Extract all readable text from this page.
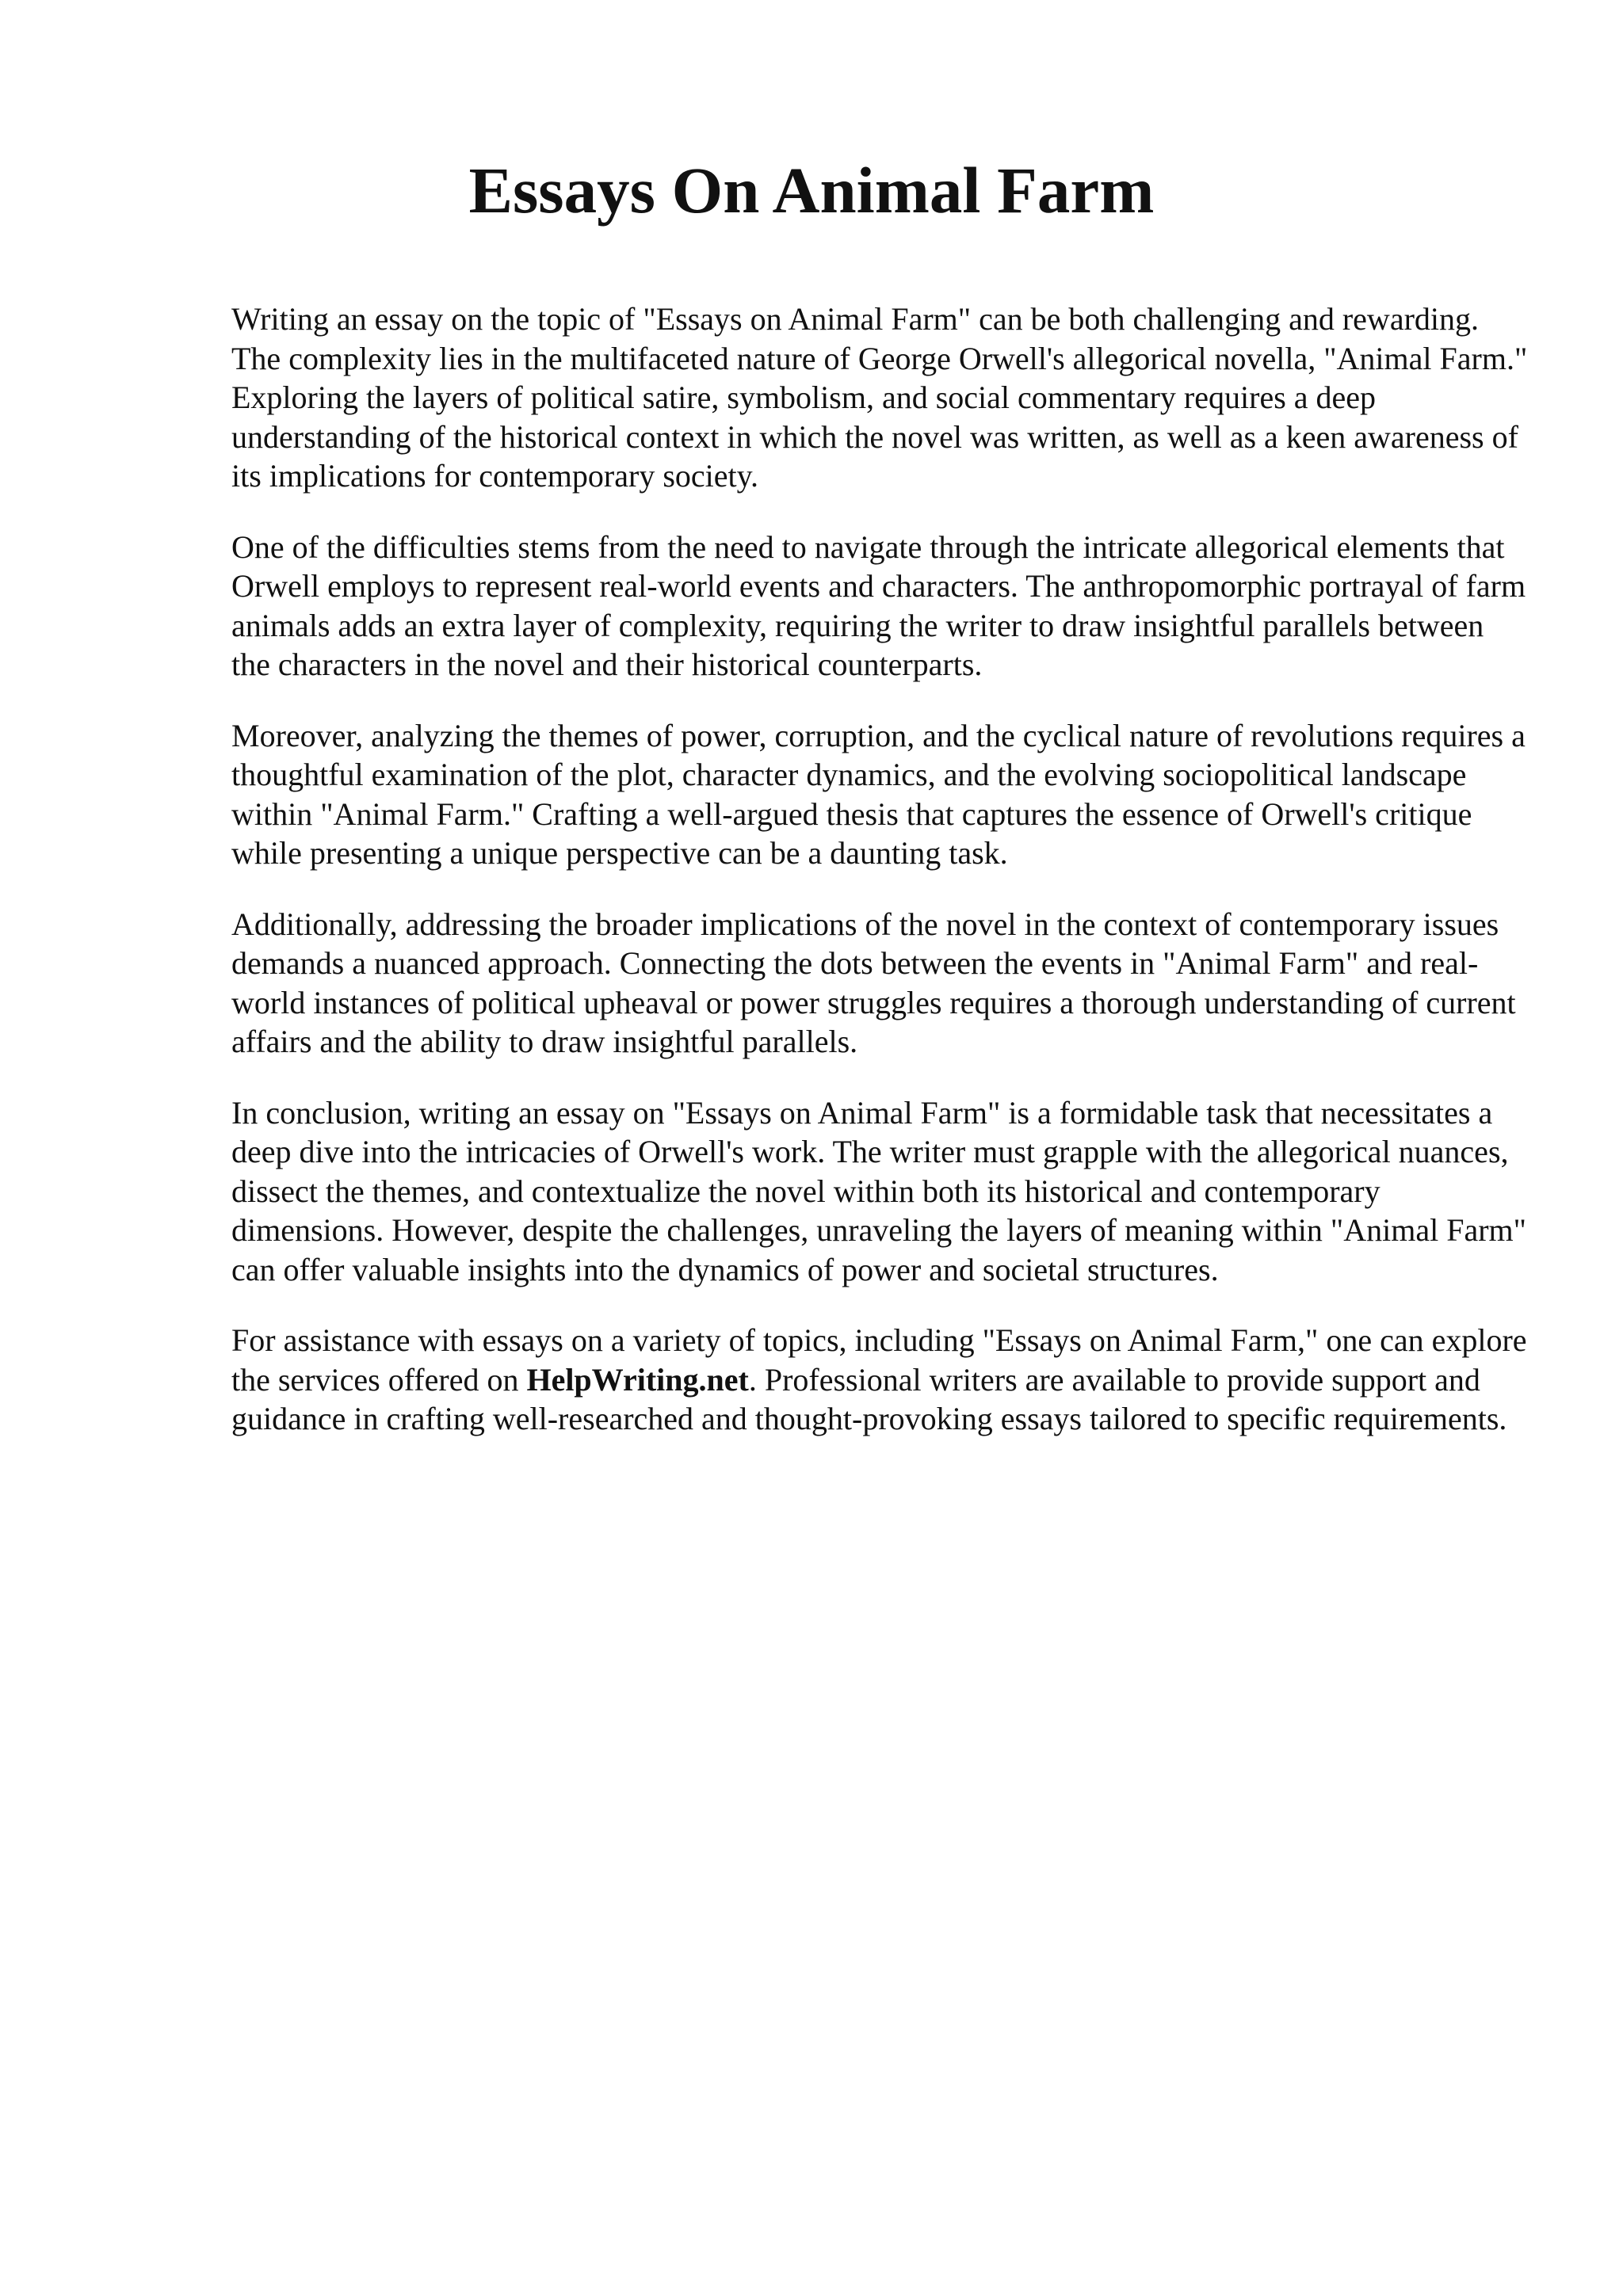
Essays On Animal Farm

Writing an essay on the topic of "Essays on Animal Farm" can be both challenging and rewarding. The complexity lies in the multifaceted nature of George Orwell's allegorical novella, "Animal Farm." Exploring the layers of political satire, symbolism, and social commentary requires a deep understanding of the historical context in which the novel was written, as well as a keen awareness of its implications for contemporary society.

One of the difficulties stems from the need to navigate through the intricate allegorical elements that Orwell employs to represent real-world events and characters. The anthropomorphic portrayal of farm animals adds an extra layer of complexity, requiring the writer to draw insightful parallels between the characters in the novel and their historical counterparts.

Moreover, analyzing the themes of power, corruption, and the cyclical nature of revolutions requires a thoughtful examination of the plot, character dynamics, and the evolving sociopolitical landscape within "Animal Farm." Crafting a well-argued thesis that captures the essence of Orwell's critique while presenting a unique perspective can be a daunting task.

Additionally, addressing the broader implications of the novel in the context of contemporary issues demands a nuanced approach. Connecting the dots between the events in "Animal Farm" and real-world instances of political upheaval or power struggles requires a thorough understanding of current affairs and the ability to draw insightful parallels.

In conclusion, writing an essay on "Essays on Animal Farm" is a formidable task that necessitates a deep dive into the intricacies of Orwell's work. The writer must grapple with the allegorical nuances, dissect the themes, and contextualize the novel within both its historical and contemporary dimensions. However, despite the challenges, unraveling the layers of meaning within "Animal Farm" can offer valuable insights into the dynamics of power and societal structures.

For assistance with essays on a variety of topics, including "Essays on Animal Farm," one can explore the services offered on HelpWriting.net. Professional writers are available to provide support and guidance in crafting well-researched and thought-provoking essays tailored to specific requirements.
